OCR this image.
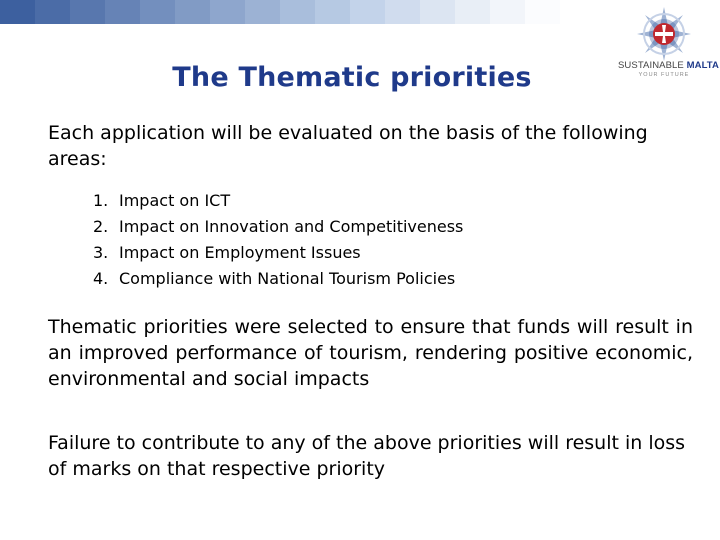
SUSTAINABLE MALTA
YOUR FUTURE
The Thematic priorities

Each application will be evaluated on the basis of the following areas:

1. Impact on ICT
2. Impact on Innovation and Competitiveness
3. Impact on Employment Issues
4. Compliance with National Tourism Policies

Thematic priorities were selected to ensure that funds will result in an improved performance of tourism, rendering positive economic, environmental and social impacts

Failure to contribute to any of the above priorities will result in loss of marks on that respective priority
